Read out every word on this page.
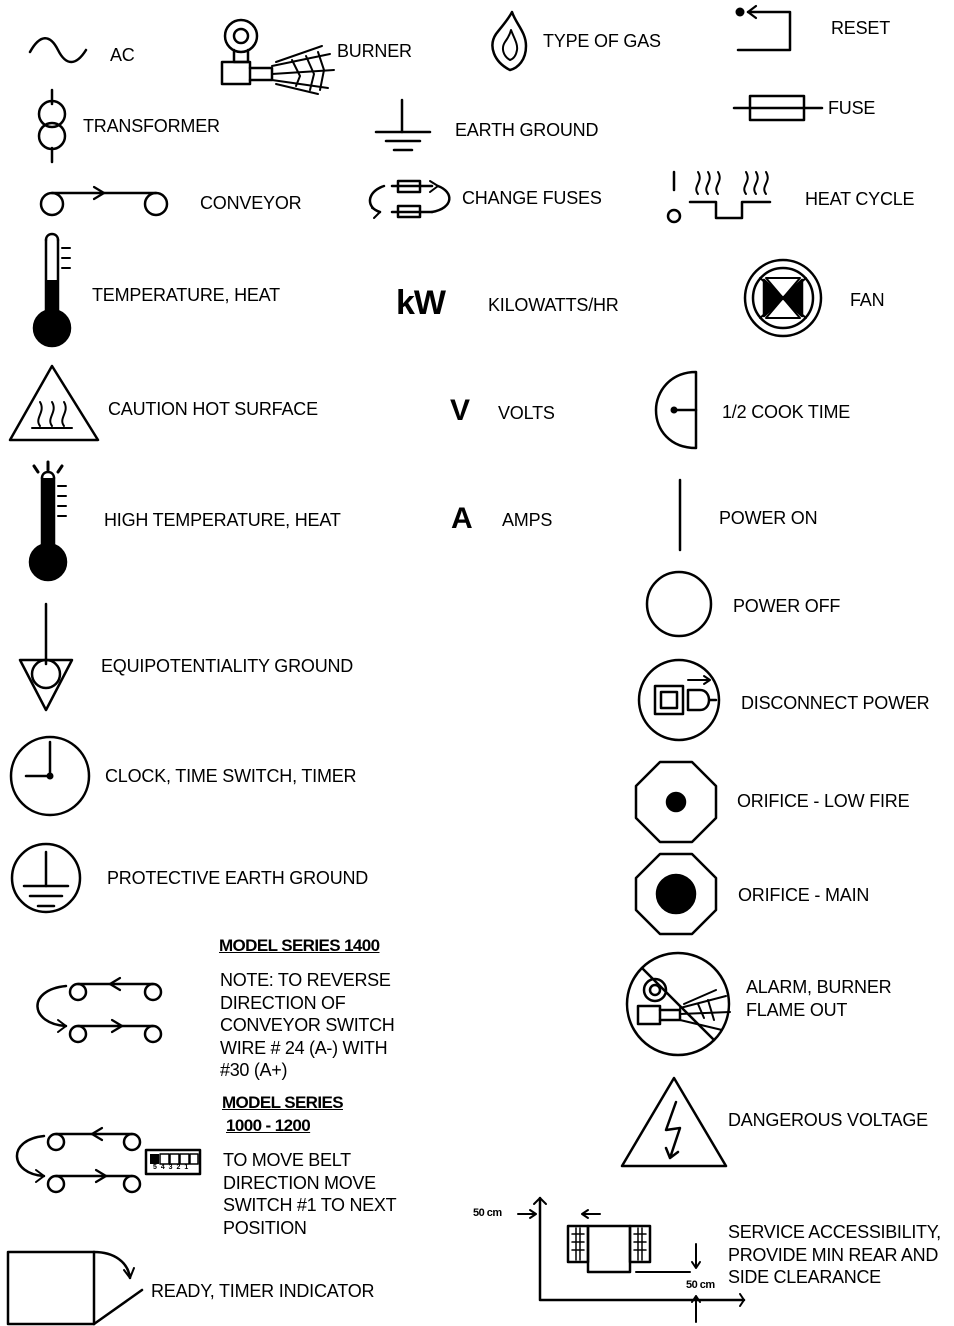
AC	BURNER	TYPE OF GAS
RESET
TRANSFORMER	EARTH GROUND
FUSE
CONVEYOR	CHANGE FUSES	HEAT CYCLE
TEMPERATURE, HEAT	kW KILOWATTS/HR	FAN
CAUTION HOT SURFACE	V VOLTS	1/2 COOK TIME
HIGH TEMPERATURE, HEAT	A AMPS	POWER ON
POWER OFF
EQUIPOTENTIALITY GROUND
DISCONNECT POWER
CLOCK, TIME SWITCH, TIMER
ORIFICE - LOW FIRE
PROTECTIVE EARTH GROUND
ORIFICE - MAIN
MODEL SERIES 1400
NOTE: TO REVERSE
DIRECTION OF
CONVEYOR SWITCH
WIRE # 24 (A-) WITH
#30 (A+)
ALARM, BURNER
FLAME OUT
MODEL SERIES
1000 - 1200
TO MOVE BELT
DIRECTION MOVE
SWITCH #1 TO NEXT
POSITION
5 4 3 2 1
DANGEROUS VOLTAGE
50 cm
50 cm
SERVICE ACCESSIBILITY,
PROVIDE MIN REAR AND
SIDE CLEARANCE
READY, TIMER INDICATOR
